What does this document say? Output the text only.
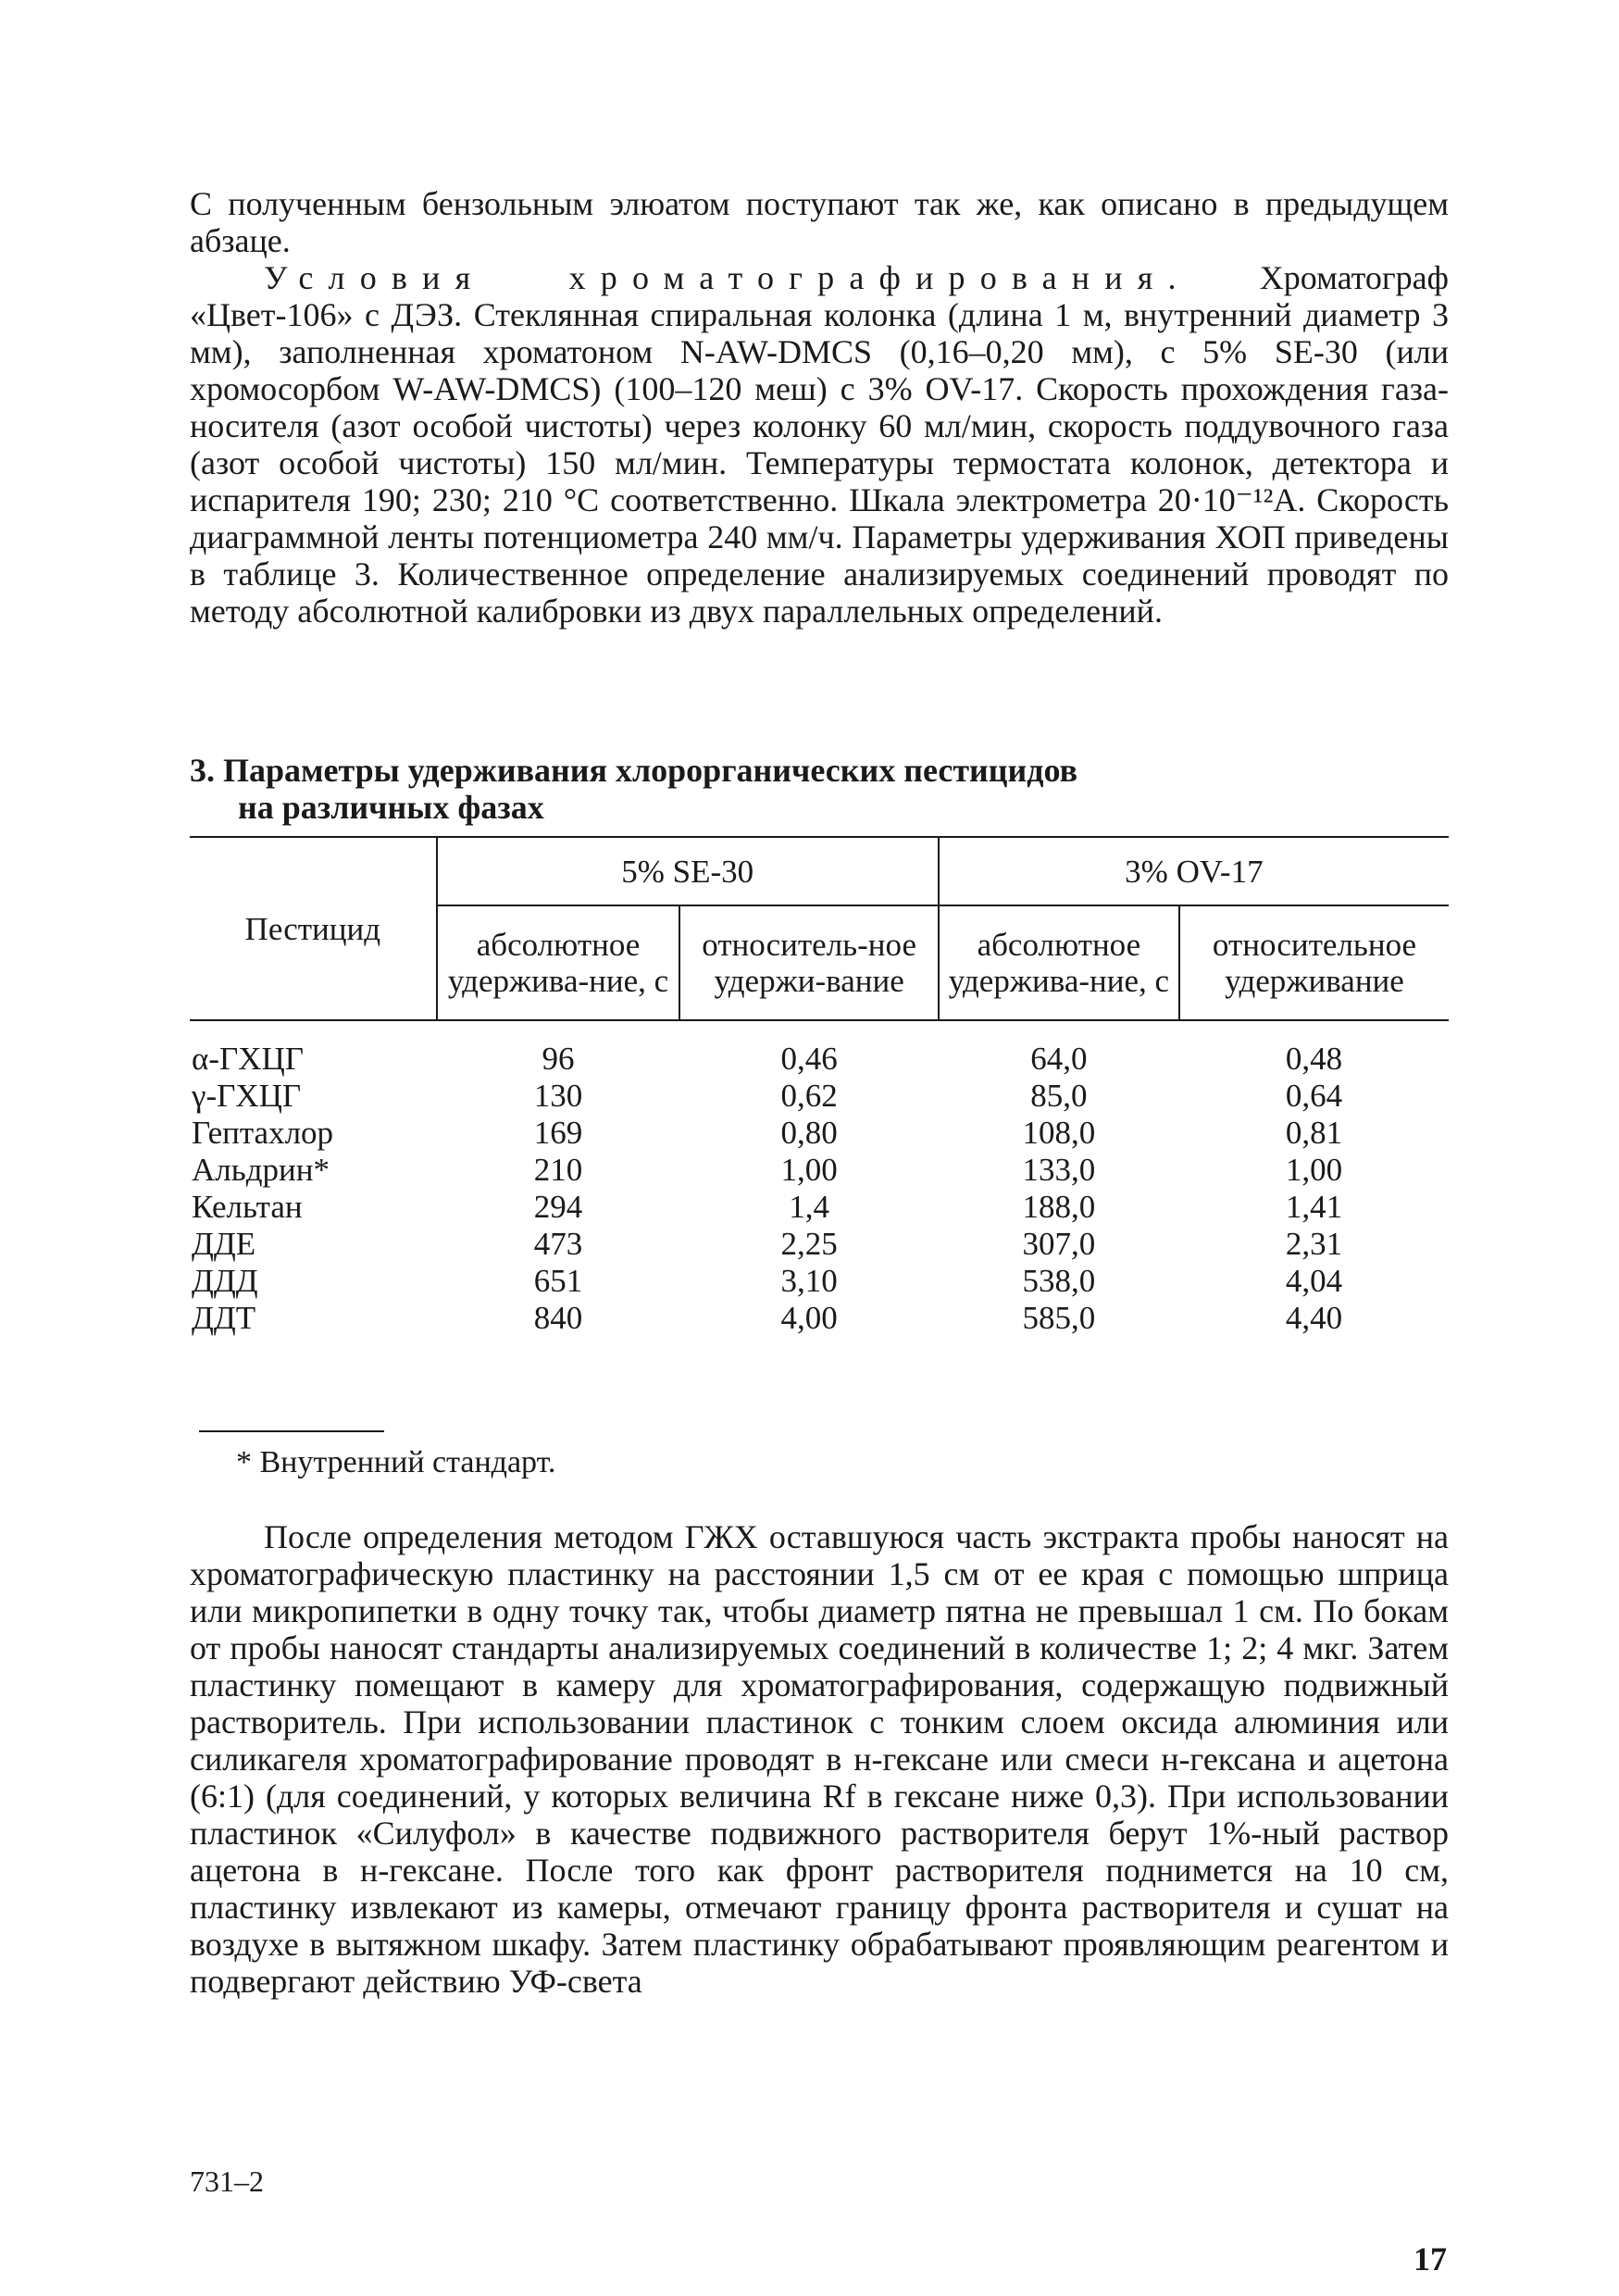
С полученным бензольным элюатом поступают так же, как описано в предыдущем абзаце.

Условия хроматографирования. Хроматограф «Цвет-106» с ДЭЗ. Стеклянная спиральная колонка (длина 1 м, внутренний диаметр 3 мм), заполненная хроматоном N-AW-DMCS (0,16–0,20 мм), с 5% SE-30 (или хромосорбом W-AW-DMCS) (100–120 меш) с 3% OV-17. Скорость прохождения газа-носителя (азот особой чистоты) через колонку 60 мл/мин, скорость поддувочного газа (азот особой чистоты) 150 мл/мин. Температуры термостата колонок, детектора и испарителя 190; 230; 210 °С соответственно. Шкала электрометра 20·10⁻¹²А. Скорость диаграммной ленты потенциометра 240 мм/ч. Параметры удерживания ХОП приведены в таблице 3. Количественное определение анализируемых соединений проводят по методу абсолютной калибровки из двух параллельных определений.

3. Параметры удерживания хлорорганических пестицидов
на различных фазах

Пестицид	5% SE-30		3% OV-17	
	абсолютное удержива-ние, с	относитель-ное удержи-вание	абсолютное удержива-ние, с	относительное удерживание
α-ГХЦГ	96	0,46	64,0	0,48
γ-ГХЦГ	130	0,62	85,0	0,64
Гептахлор	169	0,80	108,0	0,81
Альдрин*	210	1,00	133,0	1,00
Кельтан	294	1,4	188,0	1,41
ДДЕ	473	2,25	307,0	2,31
ДДД	651	3,10	538,0	4,04
ДДТ	840	4,00	585,0	4,40

* Внутренний стандарт.

После определения методом ГЖХ оставшуюся часть экстракта пробы наносят на хроматографическую пластинку на расстоянии 1,5 см от ее края с помощью шприца или микропипетки в одну точку так, чтобы диаметр пятна не превышал 1 см. По бокам от пробы наносят стандарты анализируемых соединений в количестве 1; 2; 4 мкг. Затем пластинку помещают в камеру для хроматографирования, содержащую подвижный растворитель. При использовании пластинок с тонким слоем оксида алюминия или силикагеля хроматографирование проводят в н-гексане или смеси н-гексана и ацетона (6:1) (для соединений, у которых величина Rf в гексане ниже 0,3). При использовании пластинок «Силуфол» в качестве подвижного растворителя берут 1%-ный раствор ацетона в н-гексане. После того как фронт растворителя поднимется на 10 см, пластинку извлекают из камеры, отмечают границу фронта растворителя и сушат на воздухе в вытяжном шкафу. Затем пластинку обрабатывают проявляющим реагентом и подвергают действию УФ-света

731–2
17
